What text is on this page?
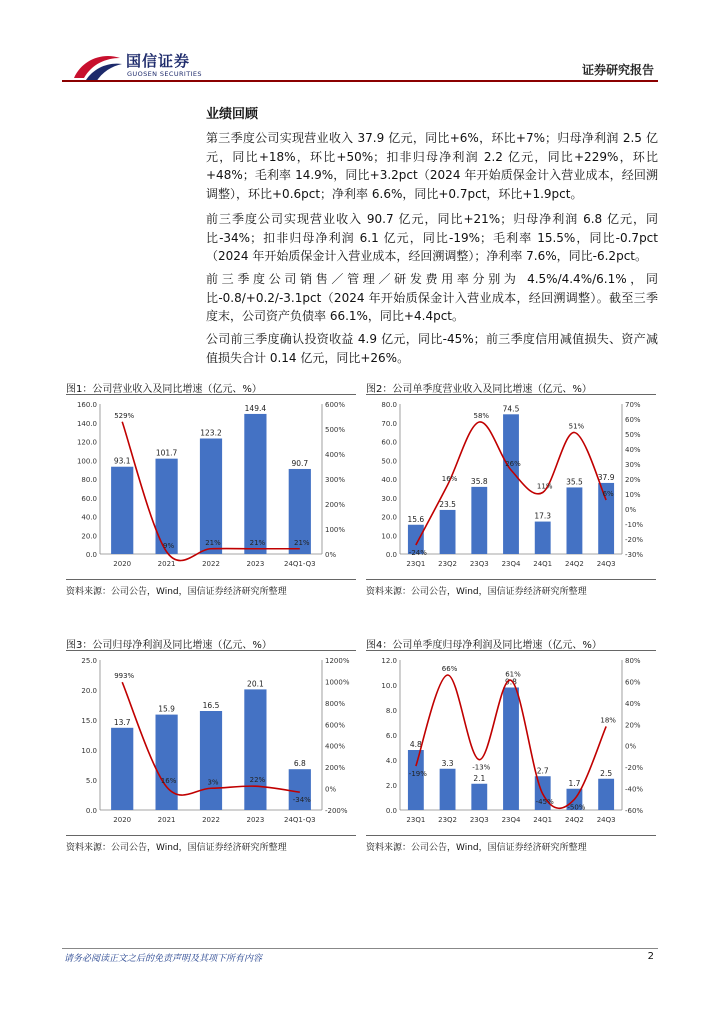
国信证券
GUOSEN SECURITIES	证券研究报告
业绩回顾
第三季度公司实现营业收入 37.9 亿元，同比+6%，环比+7%；归母净利润 2.5 亿元，同比+18%，环比+50%；扣非归母净利润 2.2 亿元，同比+229%，环比+48%；毛利率 14.9%，同比+3.2pct（2024 年开始质保金计入营业成本，经回溯调整），环比+0.6pct；净利率 6.6%，同比+0.7pct，环比+1.9pct。
前三季度公司实现营业收入 90.7 亿元，同比+21%；归母净利润 6.8 亿元，同比-34%；扣非归母净利润 6.1 亿元，同比-19%；毛利率 15.5%，同比-0.7pct（2024 年开始质保金计入营业成本，经回溯调整）；净利率 7.6%，同比-6.2pct。
前三季度公司销售／管理／研发费用率分别为 4.5%/4.4%/6.1%，同比-0.8/+0.2/-3.1pct（2024 年开始质保金计入营业成本，经回溯调整）。截至三季度末，公司资产负债率 66.1%，同比+4.4pct。
公司前三季度确认投资收益 4.9 亿元，同比-45%；前三季度信用减值损失、资产减值损失合计 0.14 亿元，同比+26%。
图1：公司营业收入及同比增速（亿元、%）
0.0
20.0
40.0
60.0
80.0
100.0
120.0
140.0
160.0
0%
100%
200%
300%
400%
500%
600%
2020	2021	2022	2023	24Q1-Q3
93.1
101.7
123.2
149.4
90.7
529%
9%	21%	21%	21%
资料来源：公司公告，Wind，国信证券经济研究所整理
图2：公司单季度营业收入及同比增速（亿元、%）
0.0
10.0
20.0
30.0
40.0
50.0
60.0
70.0
80.0
-30%
-20%
-10%
0%
10%
20%
30%
40%
50%
60%
70%
23Q1 23Q2 23Q3 23Q4 24Q1 24Q2 24Q3
15.6
23.5
35.8
74.5
17.3
35.5 37.9
-24%
16%
58%
26%
11%
51%
6%
资料来源：公司公告，Wind，国信证券经济研究所整理
图3：公司归母净利润及同比增速（亿元、%）
0.0
5.0
10.0
15.0
20.0
25.0
-200%
0%
200%
400%
600%
800%
1000%
1200%
2020	2021	2022	2023	24Q1-Q3
13.7
15.9	16.5
20.1
6.8
993%
16%	3%	22%
-34%
资料来源：公司公告，Wind，国信证券经济研究所整理
图4：公司单季度归母净利润及同比增速（亿元、%）
0.0
2.0
4.0
6.0
8.0
10.0
12.0
-60%
-40%
-20%
0%
20%
40%
60%
80%
23Q1 23Q2 23Q3 23Q4 24Q1 24Q2 24Q3
4.8
3.3
2.1
9.8
2.7
1.7
2.5
-19%
66%
-13%
61%
-45%
-50%
18%
资料来源：公司公告，Wind，国信证券经济研究所整理
请务必阅读正文之后的免责声明及其项下所有内容	2
